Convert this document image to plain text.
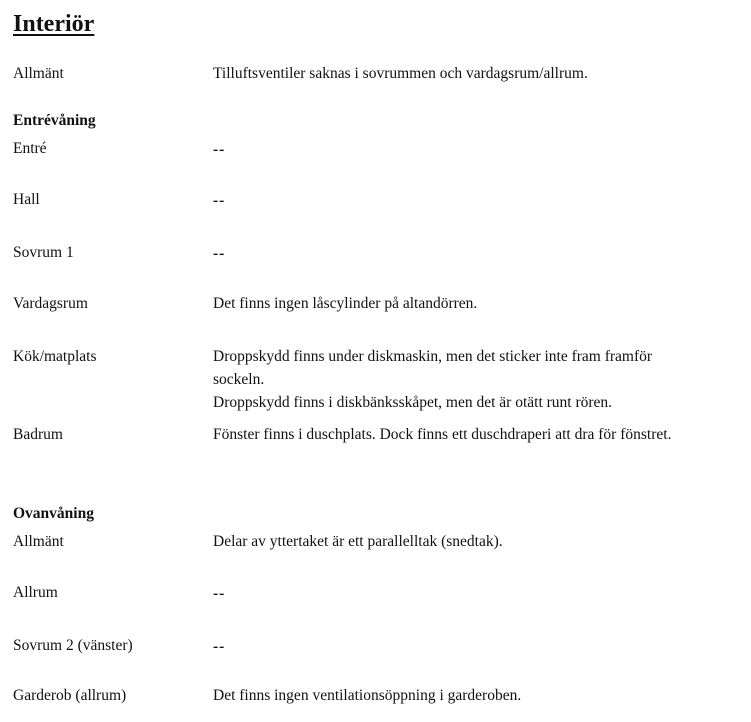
Interiör
Allmänt	Tilluftsventiler saknas i sovrummen och vardagsrum/allrum.
Entrévåning
Entré	--
Hall	--
Sovrum 1	--
Vardagsrum	Det finns ingen låscylinder på altandörren.
Kök/matplats	Droppskydd finns under diskmaskin, men det sticker inte fram framför
sockeln.
Droppskydd finns i diskbänksskåpet, men det är otätt runt rören.
Badrum	Fönster finns i duschplats. Dock finns ett duschdraperi att dra för fönstret.
Ovanvåning
Allmänt	Delar av yttertaket är ett parallelltak (snedtak).
Allrum	--
Sovrum 2 (vänster)	--
Garderob (allrum)	Det finns ingen ventilationsöppning i garderoben.
